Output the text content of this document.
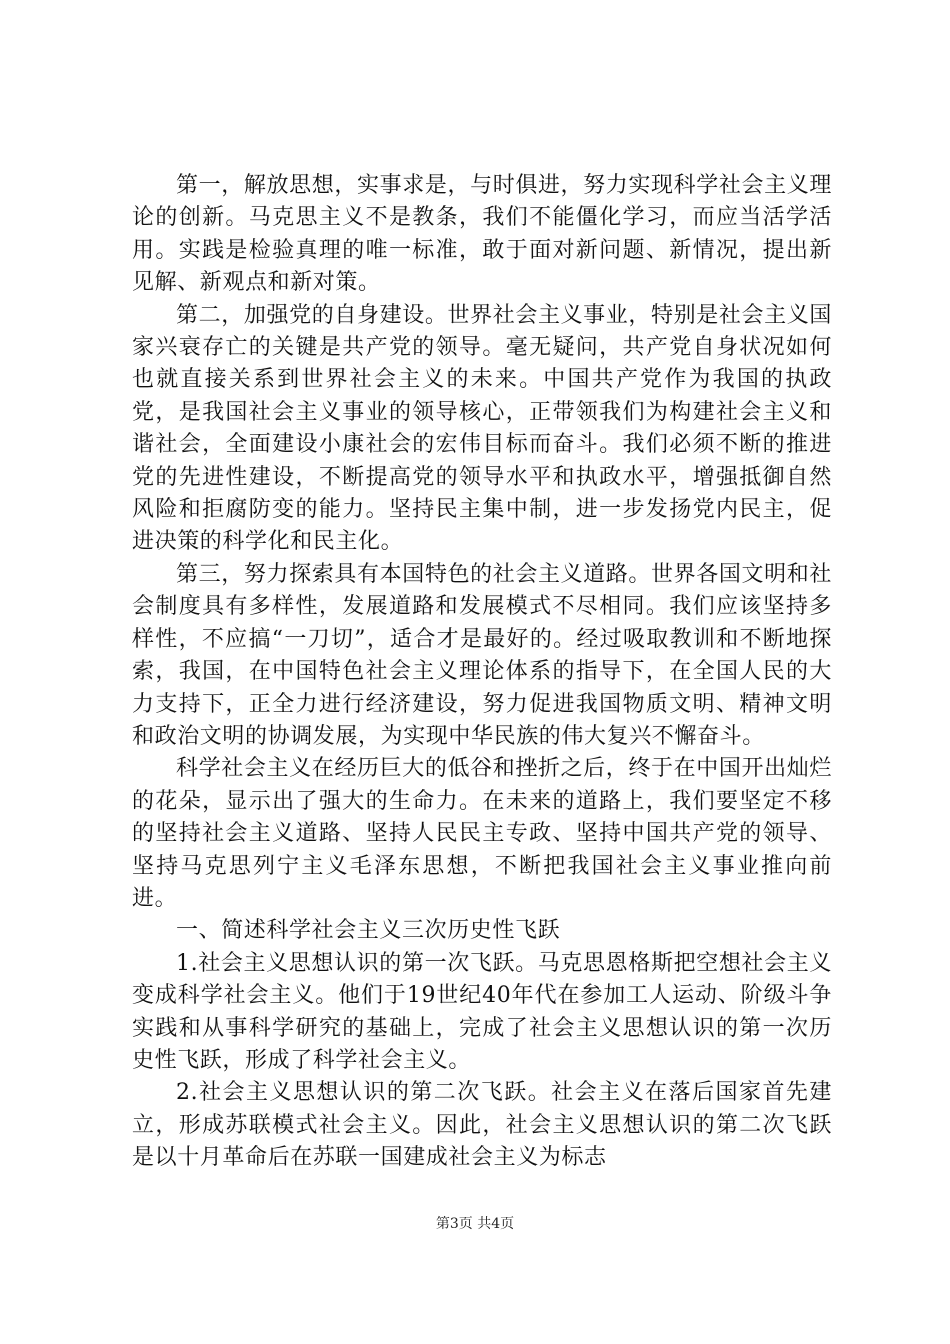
第一，解放思想，实事求是，与时俱进，努力实现科学社会主义理论的创新。马克思主义不是教条，我们不能僵化学习，而应当活学活用。实践是检验真理的唯一标准，敢于面对新问题、新情况，提出新见解、新观点和新对策。

第二，加强党的自身建设。世界社会主义事业，特别是社会主义国家兴衰存亡的关键是共产党的领导。毫无疑问，共产党自身状况如何也就直接关系到世界社会主义的未来。中国共产党作为我国的执政党，是我国社会主义事业的领导核心，正带领我们为构建社会主义和谐社会，全面建设小康社会的宏伟目标而奋斗。我们必须不断的推进党的先进性建设，不断提高党的领导水平和执政水平，增强抵御自然风险和拒腐防变的能力。坚持民主集中制，进一步发扬党内民主，促进决策的科学化和民主化。

第三，努力探索具有本国特色的社会主义道路。世界各国文明和社会制度具有多样性，发展道路和发展模式不尽相同。我们应该坚持多样性，不应搞“一刀切”，适合才是最好的。经过吸取教训和不断地探索，我国，在中国特色社会主义理论体系的指导下，在全国人民的大力支持下，正全力进行经济建设，努力促进我国物质文明、精神文明和政治文明的协调发展，为实现中华民族的伟大复兴不懈奋斗。

科学社会主义在经历巨大的低谷和挫折之后，终于在中国开出灿烂的花朵，显示出了强大的生命力。在未来的道路上，我们要坚定不移的坚持社会主义道路、坚持人民民主专政、坚持中国共产党的领导、坚持马克思列宁主义毛泽东思想，不断把我国社会主义事业推向前进。

一、简述科学社会主义三次历史性飞跃

1.社会主义思想认识的第一次飞跃。马克思恩格斯把空想社会主义变成科学社会主义。他们于19世纪40年代在参加工人运动、阶级斗争实践和从事科学研究的基础上，完成了社会主义思想认识的第一次历史性飞跃，形成了科学社会主义。

2.社会主义思想认识的第二次飞跃。社会主义在落后国家首先建立，形成苏联模式社会主义。因此，社会主义思想认识的第二次飞跃是以十月革命后在苏联一国建成社会主义为标志

第3页 共4页
